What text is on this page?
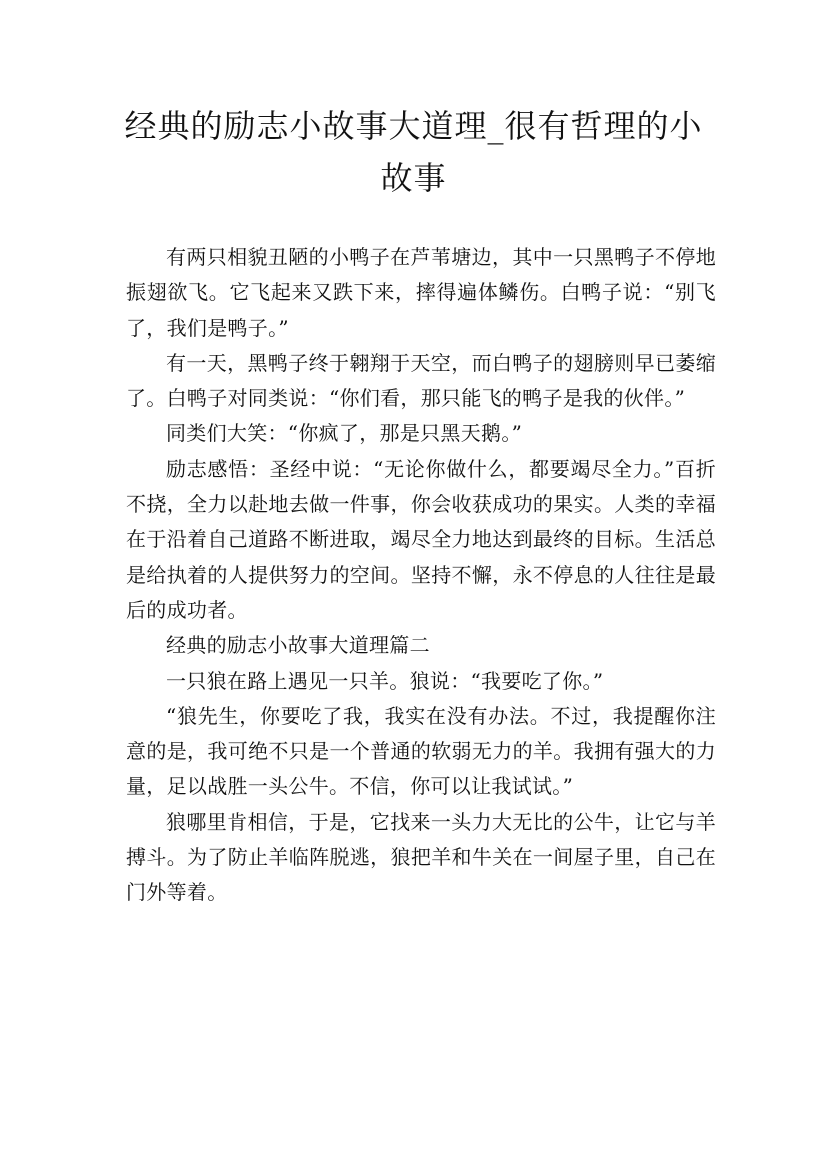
经典的励志小故事大道理_很有哲理的小故事

有两只相貌丑陋的小鸭子在芦苇塘边，其中一只黑鸭子不停地振翅欲飞。它飞起来又跌下来，摔得遍体鳞伤。白鸭子说：“别飞了，我们是鸭子。”

有一天，黑鸭子终于翱翔于天空，而白鸭子的翅膀则早已萎缩了。白鸭子对同类说：“你们看，那只能飞的鸭子是我的伙伴。”

同类们大笑：“你疯了，那是只黑天鹅。”

励志感悟：圣经中说：“无论你做什么，都要竭尽全力。”百折不挠，全力以赴地去做一件事，你会收获成功的果实。人类的幸福在于沿着自己道路不断进取，竭尽全力地达到最终的目标。生活总是给执着的人提供努力的空间。坚持不懈，永不停息的人往往是最后的成功者。

经典的励志小故事大道理篇二

一只狼在路上遇见一只羊。狼说：“我要吃了你。”

“狼先生，你要吃了我，我实在没有办法。不过，我提醒你注意的是，我可绝不只是一个普通的软弱无力的羊。我拥有强大的力量，足以战胜一头公牛。不信，你可以让我试试。”

狼哪里肯相信，于是，它找来一头力大无比的公牛，让它与羊搏斗。为了防止羊临阵脱逃，狼把羊和牛关在一间屋子里，自己在门外等着。
